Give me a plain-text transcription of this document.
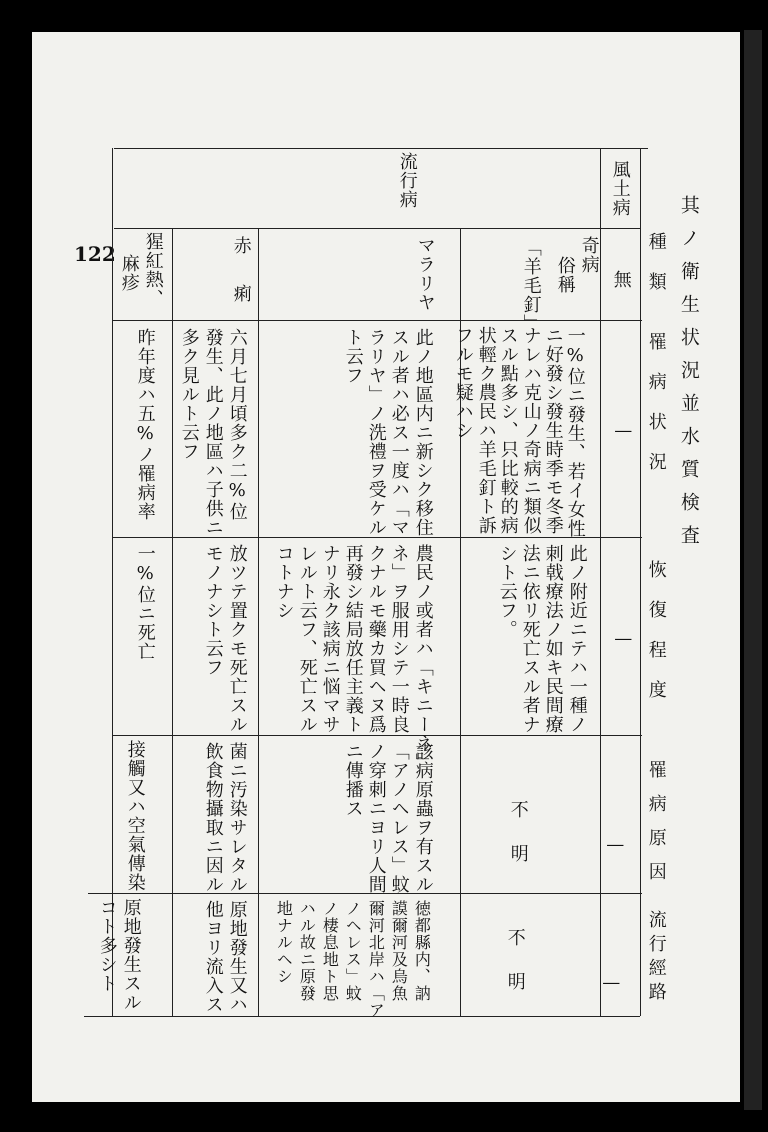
122	其ノ衛生状況並水質検査
風土病
流行病
種類
罹病状況
恢復程度
罹病原因
流行經路
無
—
—
—
—
奇病
俗稱
「羊毛釘」
一%位ニ發生、若イ女性
ニ好發シ發生時季モ冬季
ナレハ克山ノ奇病ニ類似
スル點多シ、只比較的病
状輕ク農民ハ羊毛釘ト訴
フルモ疑ハシ
此ノ附近ニテハ一種ノ
刺戟療法ノ如キ民間療
法ニ依リ死亡スル者ナ
シト云フ。
不明
不明
マラリヤ
此ノ地區内ニ新シク移住
スル者ハ必ス一度ハ「マ
ラリヤ」ノ洗禮ヲ受ケル
ト云フ
農民ノ或者ハ「キニーネ」
ネ」ヲ服用シテ一時良
クナルモ藥カ買ヘヌ爲
再發シ結局放任主義ト
ナリ永ク該病ニ悩マサ
レルト云フ、死亡スル
コトナシ
該病原蟲ヲ有スル
「アノヘレス」蚊
ノ穿刺ニヨリ人間
ニ傳播ス
徳都縣内、訥
謨爾河及烏魚
爾河北岸ハ「ア
ノヘレス」蚊
ノ棲息地ト思
ハル故ニ原發
地ナルヘシ
赤痢
六月七月頃多ク二%位
發生、此ノ地區ハ子供ニ
多ク見ルト云フ
放ツテ置クモ死亡スル
モノナシト云フ
菌ニ汚染サレタル
飲食物攝取ニ因ル
原地發生又ハ
他ヨリ流入ス
猩紅熱、
麻疹
昨年度ハ五%ノ罹病率
一%位ニ死亡
接觸又ハ空氣傳染
原地發生スル
コト多シト
